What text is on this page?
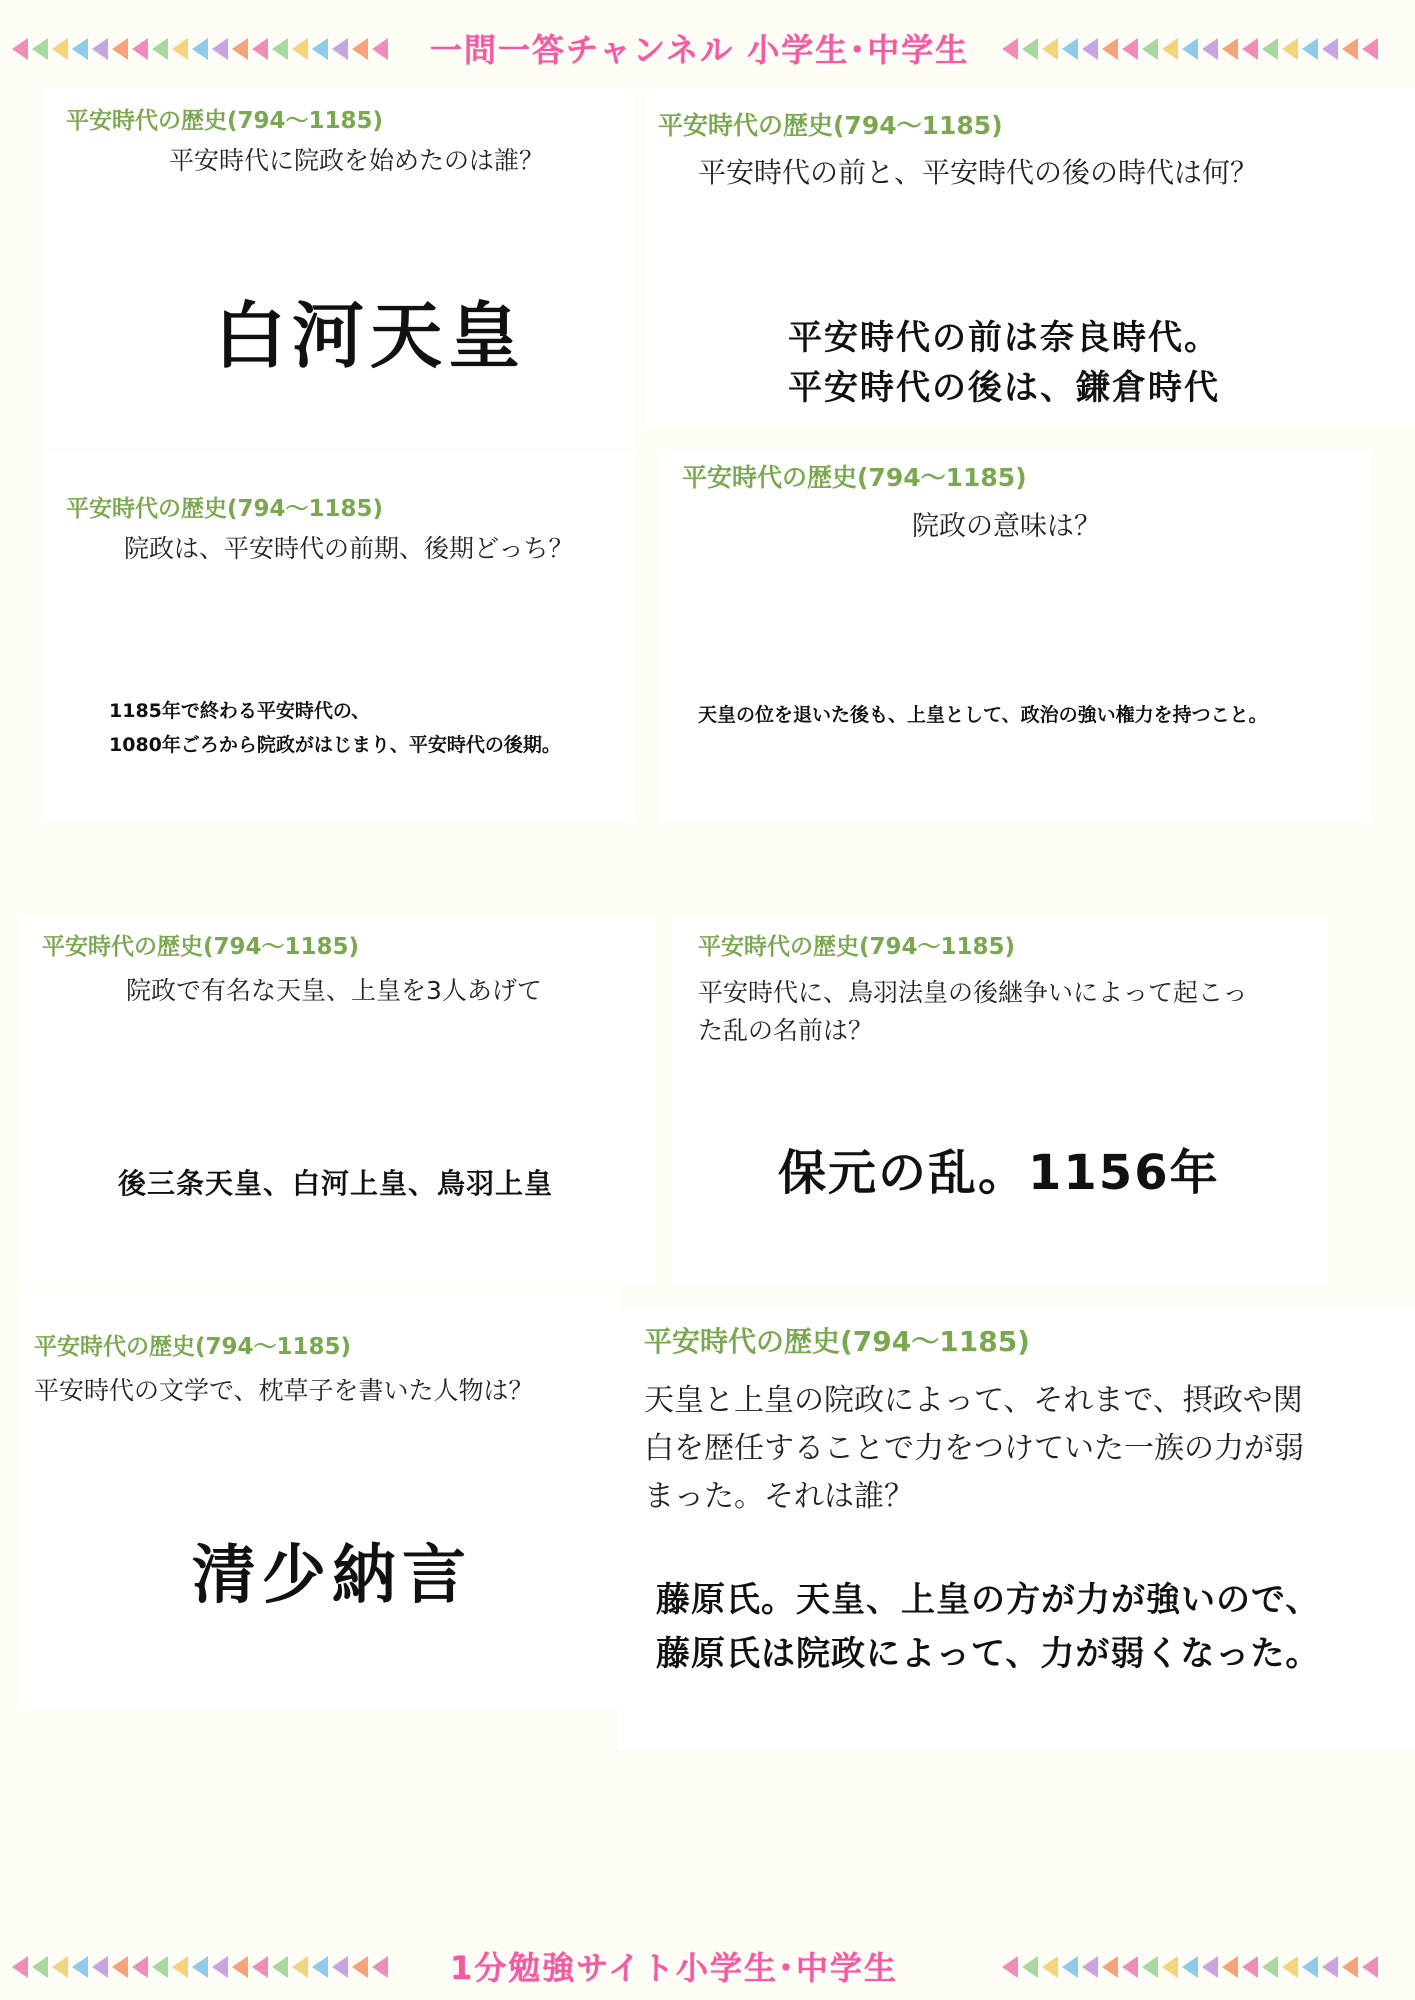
一問一答チャンネル 小学生･中学生
平安時代の歴史(794〜1185)
平安時代に院政を始めたのは誰？
白河天皇
平安時代の歴史(794〜1185)
平安時代の前と、平安時代の後の時代は何？
平安時代の前は奈良時代。
平安時代の後は、鎌倉時代
平安時代の歴史(794〜1185)
院政は、平安時代の前期、後期どっち？
1185年で終わる平安時代の、
1080年ごろから院政がはじまり、平安時代の後期。
平安時代の歴史(794〜1185)
院政の意味は？
天皇の位を退いた後も、上皇として、政治の強い権力を持つこと。
平安時代の歴史(794〜1185)
院政で有名な天皇、上皇を3人あげて
後三条天皇、白河上皇、鳥羽上皇
平安時代の歴史(794〜1185)
平安時代に、鳥羽法皇の後継争いによって起こっ
た乱の名前は？
保元の乱。1156年
平安時代の歴史(794〜1185)
平安時代の文学で、枕草子を書いた人物は？
清少納言
平安時代の歴史(794〜1185)
天皇と上皇の院政によって、それまで、摂政や関
白を歴任することで力をつけていた一族の力が弱
まった。それは誰？
藤原氏。天皇、上皇の方が力が強いので、
藤原氏は院政によって、力が弱くなった。
1分勉強サイト小学生･中学生
